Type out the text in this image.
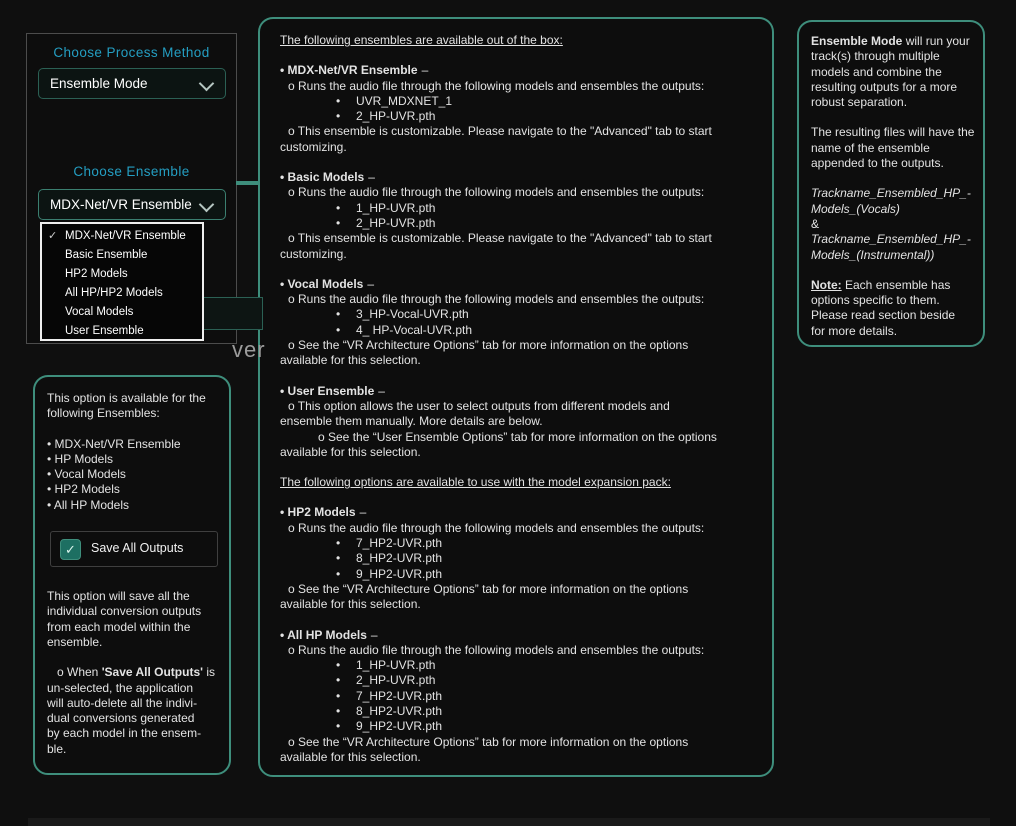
Choose Process Method
Ensemble Mode
Choose Ensemble
MDX-Net/VR Ensemble
ver
✓ MDX-Net/VR Ensemble
Basic Ensemble
HP2 Models
All HP/HP2 Models
Vocal Models
User Ensemble
This option is available for the
following Ensembles:
• MDX-Net/VR Ensemble
• HP Models
• Vocal Models
• HP2 Models
• All HP Models
✓	Save All Outputs
This option will save all the
individual conversion outputs
from each model within the
ensemble.
o When 'Save All Outputs' is
un-selected, the application
will auto-delete all the indivi-
dual conversions generated
by each model in the ensem-
ble.
The following ensembles are available out of the box:
• MDX-Net/VR Ensemble –
o Runs the audio file through the following models and ensembles the outputs:
• UVR_MDXNET_1
• 2_HP-UVR.pth
o This ensemble is customizable. Please navigate to the "Advanced" tab to start
customizing.
• Basic Models –
o Runs the audio file through the following models and ensembles the outputs:
• 1_HP-UVR.pth
• 2_HP-UVR.pth
o This ensemble is customizable. Please navigate to the "Advanced" tab to start
customizing.
• Vocal Models –
o Runs the audio file through the following models and ensembles the outputs:
• 3_HP-Vocal-UVR.pth
• 4_ HP-Vocal-UVR.pth
o See the “VR Architecture Options” tab for more information on the options
available for this selection.
• User Ensemble –
o This option allows the user to select outputs from different models and
ensemble them manually. More details are below.
o See the “User Ensemble Options” tab for more information on the options
available for this selection.
The following options are available to use with the model expansion pack:
• HP2 Models –
o Runs the audio file through the following models and ensembles the outputs:
• 7_HP2-UVR.pth
• 8_HP2-UVR.pth
• 9_HP2-UVR.pth
o See the “VR Architecture Options” tab for more information on the options
available for this selection.
• All HP Models –
o Runs the audio file through the following models and ensembles the outputs:
• 1_HP-UVR.pth
• 2_HP-UVR.pth
• 7_HP2-UVR.pth
• 8_HP2-UVR.pth
• 9_HP2-UVR.pth
o See the “VR Architecture Options” tab for more information on the options
available for this selection.
Ensemble Mode will run your
track(s) through multiple
models and combine the
resulting outputs for a more
robust separation.
The resulting files will have the
name of the ensemble
appended to the outputs.
Trackname_Ensembled_HP_-
Models_(Vocals)
&
Trackname_Ensembled_HP_-
Models_(Instrumental))
Note: Each ensemble has
options specific to them.
Please read section beside
for more details.
